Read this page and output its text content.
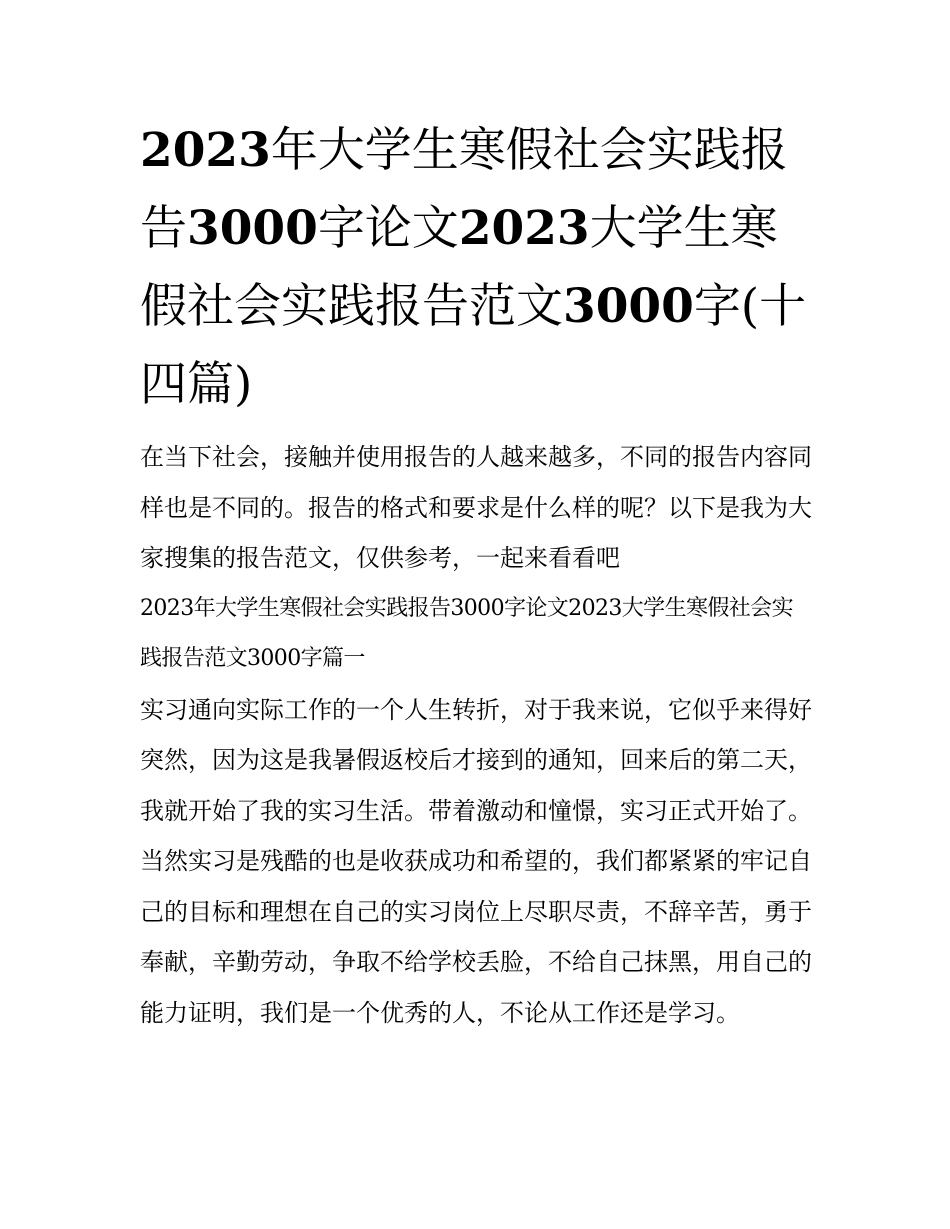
2023年大学生寒假社会实践报告3000字论文2023大学生寒假社会实践报告范文3000字(十四篇)

在当下社会，接触并使用报告的人越来越多，不同的报告内容同样也是不同的。报告的格式和要求是什么样的呢？以下是我为大家搜集的报告范文，仅供参考，一起来看看吧

2023年大学生寒假社会实践报告3000字论文2023大学生寒假社会实践报告范文3000字篇一

实习通向实际工作的一个人生转折，对于我来说，它似乎来得好突然，因为这是我暑假返校后才接到的通知，回来后的第二天，我就开始了我的实习生活。带着激动和憧憬，实习正式开始了。当然实习是残酷的也是收获成功和希望的，我们都紧紧的牢记自己的目标和理想在自己的实习岗位上尽职尽责，不辞辛苦，勇于奉献，辛勤劳动，争取不给学校丢脸，不给自己抹黑，用自己的能力证明，我们是一个优秀的人，不论从工作还是学习。
